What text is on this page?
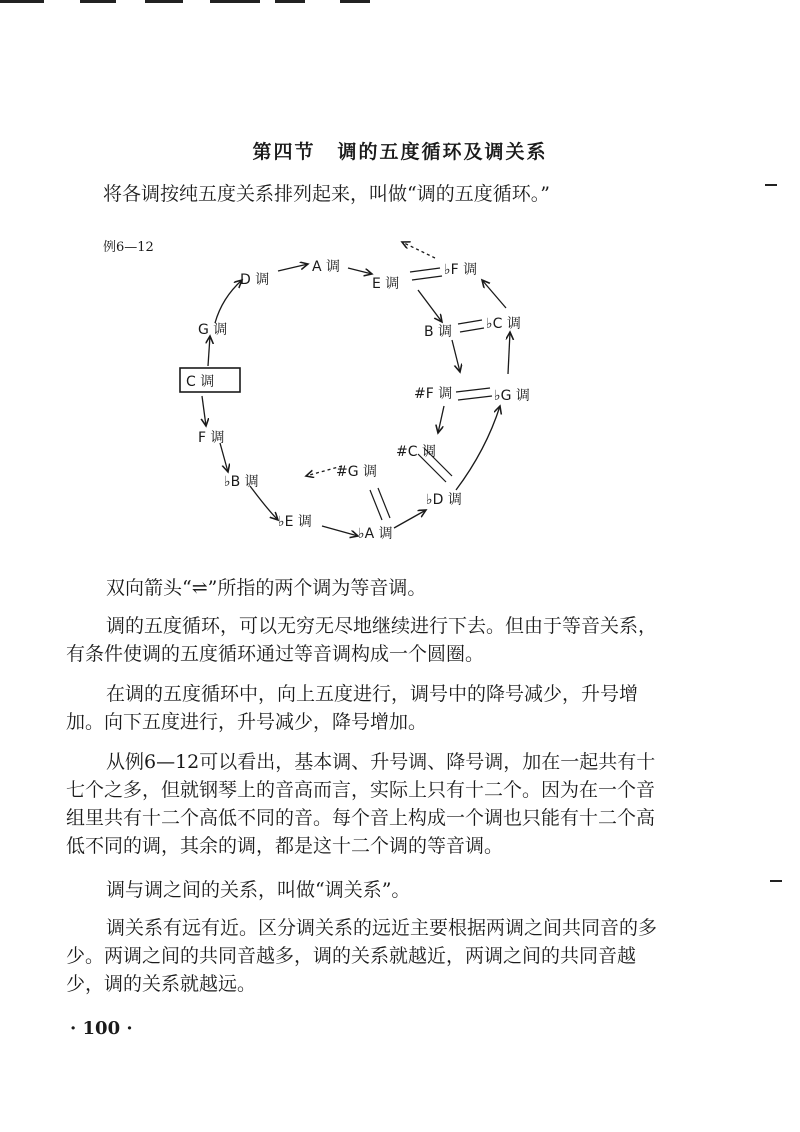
第四节 调的五度循环及调关系
将各调按纯五度关系排列起来，叫做“调的五度循环。”
例6—12
C 调
G 调
D 调
A 调
E 调
B 调
#F 调
#C 调
#G 调
F 调
♭B 调
♭E 调
♭A 调
♭D 调
♭G 调
♭C 调
♭F 调
双向箭头“⇌”所指的两个调为等音调。
调的五度循环，可以无穷无尽地继续进行下去。但由于等音关系，有条件使调的五度循环通过等音调构成一个圆圈。
在调的五度循环中，向上五度进行，调号中的降号减少，升号增加。向下五度进行，升号减少，降号增加。
从例6—12可以看出，基本调、升号调、降号调，加在一起共有十七个之多，但就钢琴上的音高而言，实际上只有十二个。因为在一个音组里共有十二个高低不同的音。每个音上构成一个调也只能有十二个高低不同的调，其余的调，都是这十二个调的等音调。
调与调之间的关系，叫做“调关系”。
调关系有远有近。区分调关系的远近主要根据两调之间共同音的多少。两调之间的共同音越多，调的关系就越近，两调之间的共同音越少，调的关系就越远。
· 100 ·
